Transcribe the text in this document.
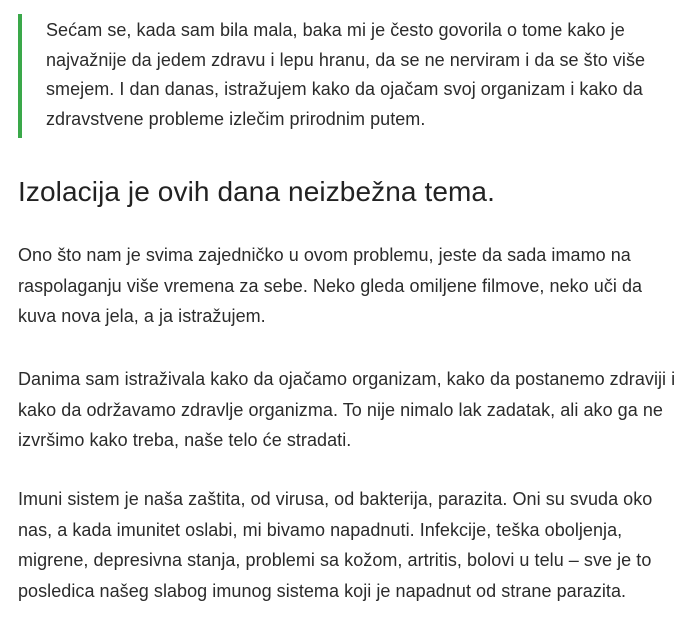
Sećam se, kada sam bila mala, baka mi je često govorila o tome kako je najvažnije da jedem zdravu i lepu hranu, da se ne nerviram i da se što više smejem. I dan danas, istražujem kako da ojačam svoj organizam i kako da zdravstvene probleme izlečim prirodnim putem.

Izolacija je ovih dana neizbežna tema.

Ono što nam je svima zajedničko u ovom problemu, jeste da sada imamo na raspolaganju više vremena za sebe. Neko gleda omiljene filmove, neko uči da kuva nova jela, a ja istražujem.

Danima sam istraživala kako da ojačamo organizam, kako da postanemo zdraviji i kako da održavamo zdravlje organizma. To nije nimalo lak zadatak, ali ako ga ne izvršimo kako treba, naše telo će stradati.

Imuni sistem je naša zaštita, od virusa, od bakterija, parazita. Oni su svuda oko nas, a kada imunitet oslabi, mi bivamo napadnuti. Infekcije, teška oboljenja, migrene, depresivna stanja, problemi sa kožom, artritis, bolovi u telu – sve je to posledica našeg slabog imunog sistema koji je napadnut od strane parazita.
